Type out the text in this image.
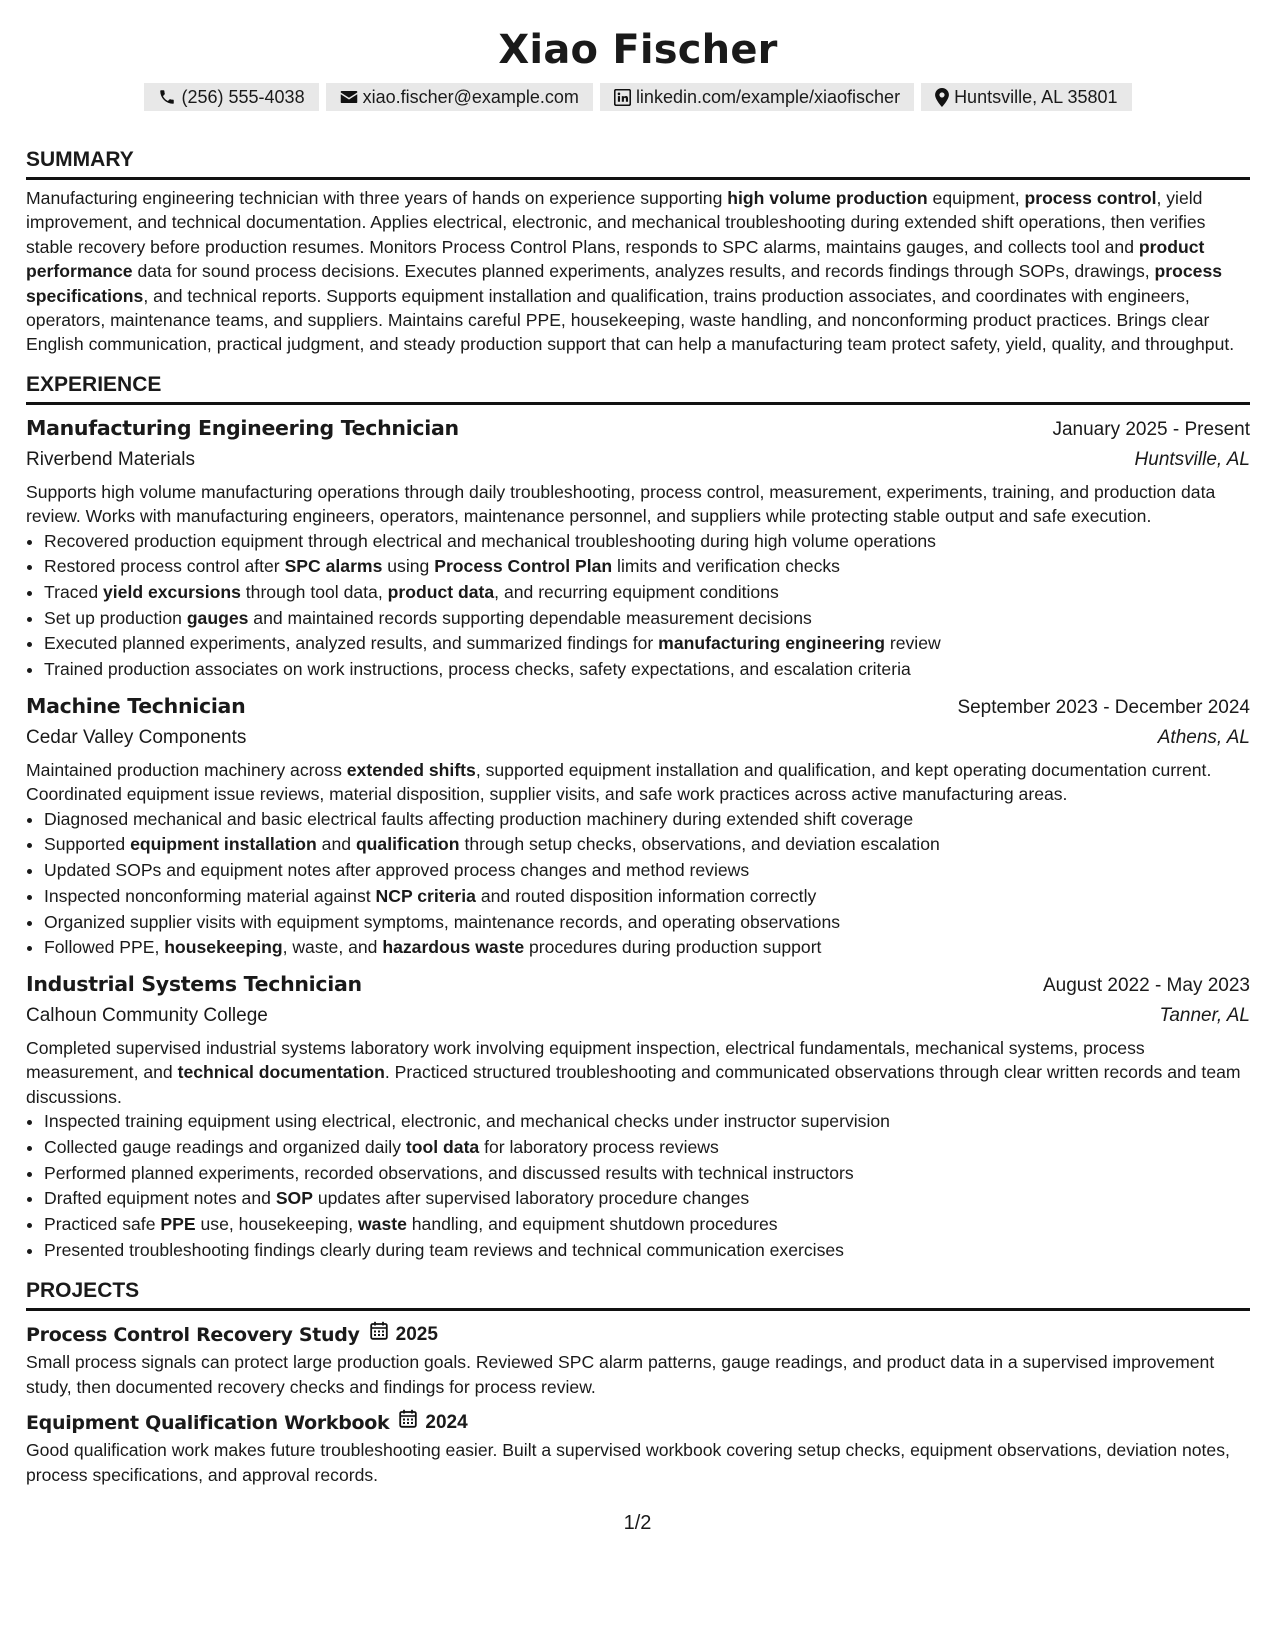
Xiao Fischer
(256) 555-4038	xiao.fischer@example.com	linkedin.com/example/xiaofischer	Huntsville, AL 35801
SUMMARY

Manufacturing engineering technician with three years of hands on experience supporting high volume production equipment, process control, yield improvement, and technical documentation. Applies electrical, electronic, and mechanical troubleshooting during extended shift operations, then verifies stable recovery before production resumes. Monitors Process Control Plans, responds to SPC alarms, maintains gauges, and collects tool and product performance data for sound process decisions. Executes planned experiments, analyzes results, and records findings through SOPs, drawings, process specifications, and technical reports. Supports equipment installation and qualification, trains production associates, and coordinates with engineers, operators, maintenance teams, and suppliers. Maintains careful PPE, housekeeping, waste handling, and nonconforming product practices. Brings clear English communication, practical judgment, and steady production support that can help a manufacturing team protect safety, yield, quality, and throughput.

EXPERIENCE
Manufacturing Engineering Technician	January 2025 - Present
Riverbend Materials	Huntsville, AL

Supports high volume manufacturing operations through daily troubleshooting, process control, measurement, experiments, training, and production data review. Works with manufacturing engineers, operators, maintenance personnel, and suppliers while protecting stable output and safe execution.

• Recovered production equipment through electrical and mechanical troubleshooting during high volume operations
• Restored process control after SPC alarms using Process Control Plan limits and verification checks
• Traced yield excursions through tool data, product data, and recurring equipment conditions
• Set up production gauges and maintained records supporting dependable measurement decisions
• Executed planned experiments, analyzed results, and summarized findings for manufacturing engineering review
• Trained production associates on work instructions, process checks, safety expectations, and escalation criteria
Machine Technician	September 2023 - December 2024
Cedar Valley Components	Athens, AL

Maintained production machinery across extended shifts, supported equipment installation and qualification, and kept operating documentation current. Coordinated equipment issue reviews, material disposition, supplier visits, and safe work practices across active manufacturing areas.

• Diagnosed mechanical and basic electrical faults affecting production machinery during extended shift coverage
• Supported equipment installation and qualification through setup checks, observations, and deviation escalation
• Updated SOPs and equipment notes after approved process changes and method reviews
• Inspected nonconforming material against NCP criteria and routed disposition information correctly
• Organized supplier visits with equipment symptoms, maintenance records, and operating observations
• Followed PPE, housekeeping, waste, and hazardous waste procedures during production support
Industrial Systems Technician	August 2022 - May 2023
Calhoun Community College	Tanner, AL

Completed supervised industrial systems laboratory work involving equipment inspection, electrical fundamentals, mechanical systems, process measurement, and technical documentation. Practiced structured troubleshooting and communicated observations through clear written records and team discussions.

• Inspected training equipment using electrical, electronic, and mechanical checks under instructor supervision
• Collected gauge readings and organized daily tool data for laboratory process reviews
• Performed planned experiments, recorded observations, and discussed results with technical instructors
• Drafted equipment notes and SOP updates after supervised laboratory procedure changes
• Practiced safe PPE use, housekeeping, waste handling, and equipment shutdown procedures
• Presented troubleshooting findings clearly during team reviews and technical communication exercises
PROJECTS
Process Control Recovery Study 2025

Small process signals can protect large production goals. Reviewed SPC alarm patterns, gauge readings, and product data in a supervised improvement study, then documented recovery checks and findings for process review.

Equipment Qualification Workbook 2024

Good qualification work makes future troubleshooting easier. Built a supervised workbook covering setup checks, equipment observations, deviation notes, process specifications, and approval records.

1/2
